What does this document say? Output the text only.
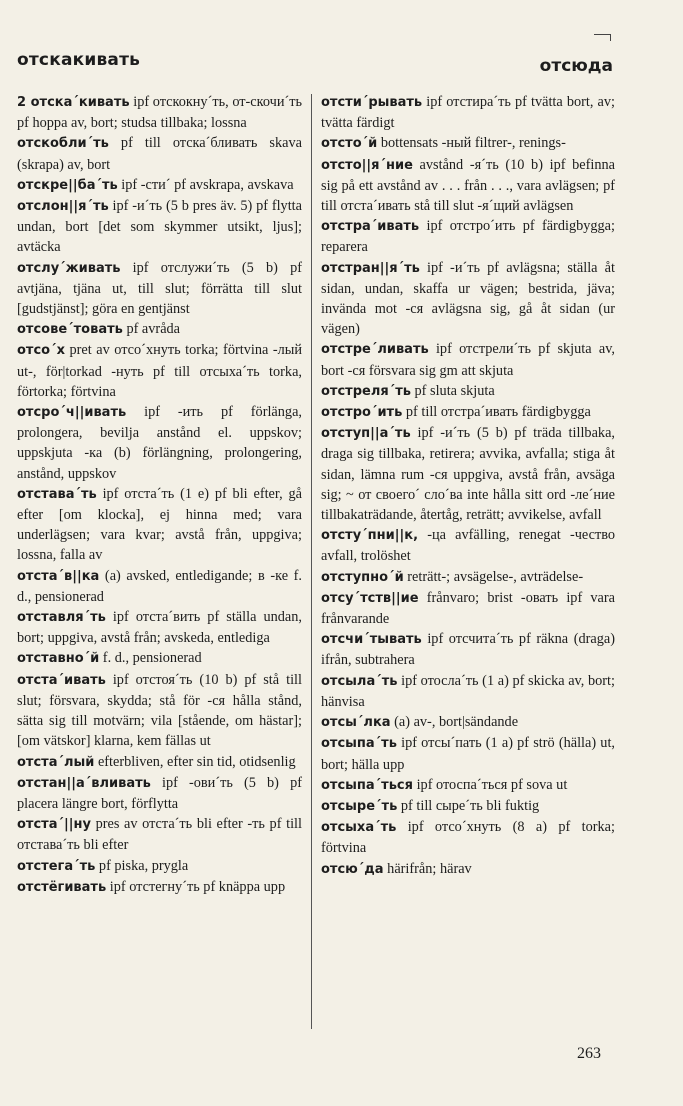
отскакивать	отсюда

2 отска´кивать ipf отскокну´ть, от-скочи´ть pf hoppa av, bort; studsa tillbaka; lossna

отскобли´ть pf till отска´бливать skava (skrapa) av, bort

отскре||ба´ть ipf -сти´ pf avskrapa, avskava

отслон||я´ть ipf -и´ть (5 b pres äv. 5) pf flytta undan, bort [det som skymmer utsikt, ljus]; avtäcka

отслу´живать ipf отслужи´ть (5 b) pf avtjäna, tjäna ut, till slut; förrätta till slut [gudstjänst]; göra en gentjänst

отсове´товать pf avråda

отсо´х pret av отсо´хнуть torka; förtvina -лый ut-, för|torkad -нуть pf till отсыха´ть torka, förtorka; förtvina

отсро´ч||ивать ipf -ить pf förlänga, prolongera, bevilja anstånd el. uppskov; uppskjuta -ка (b) förlängning, prolongering, anstånd, uppskov

отстава´ть ipf отста´ть (1 e) pf bli efter, gå efter [om klocka], ej hinna med; vara underlägsen; vara kvar; avstå från, uppgiva; lossna, falla av

отста´в||ка (a) avsked, entledigande; в -ке f. d., pensionerad

отставля´ть ipf отста´вить pf ställa undan, bort; uppgiva, avstå från; avskeda, entlediga

отставно´й f. d., pensionerad

отста´ивать ipf отстоя´ть (10 b) pf stå till slut; försvara, skydda; stå för -ся hålla stånd, sätta sig till motvärn; vila [stående, om hästar]; [om vätskor] klarna, kem fällas ut

отста´лый efterbliven, efter sin tid, otidsenlig

отстан||а´вливать ipf -ови´ть (5 b) pf placera längre bort, förflytta

отста´||ну pres av отста´ть bli efter -ть pf till отстава´ть bli efter

отстега´ть pf piska, prygla

отстёгивать ipf отстегну´ть pf knäppa upp

отсти´рывать ipf отстира´ть pf tvätta bort, av; tvätta färdigt

отсто´й bottensats -ный filtrer-, renings-

отсто||я´ние avstånd -я´ть (10 b) ipf befinna sig på ett avstånd av . . . från . . ., vara avlägsen; pf till отста´ивать stå till slut -я´щий avlägsen

отстра´ивать ipf отстро´ить pf färdigbygga; reparera

отстран||я´ть ipf -и´ть pf avlägsna; ställa åt sidan, undan, skaffa ur vägen; bestrida, jäva; invända mot -ся avlägsna sig, gå åt sidan (ur vägen)

отстре´ливать ipf отстрели´ть pf skjuta av, bort -ся försvara sig gm att skjuta

отстреля´ть pf sluta skjuta

отстро´ить pf till отстра´ивать färdigbygga

отступ||а´ть ipf -и´ть (5 b) pf träda tillbaka, draga sig tillbaka, retirera; avvika, avfalla; stiga åt sidan, lämna rum -ся uppgiva, avstå från, avsäga sig; ~ от своего´ сло´ва inte hålla sitt ord -ле´ние tillbakaträdande, återtåg, reträtt; avvikelse, avfall

отсту´пни||к, -ца avfälling, renegat -чество avfall, trolöshet

отступно´й reträtt-; avsägelse-, avträdelse-

отсу´тств||ие frånvaro; brist -овать ipf vara frånvarande

отсчи´тывать ipf отсчита´ть pf räkna (draga) ifrån, subtrahera

отсыла´ть ipf отосла´ть (1 a) pf skicka av, bort; hänvisa

отсы´лка (a) av-, bort|sändande

отсыпа´ть ipf отсы´пать (1 a) pf strö (hälla) ut, bort; hälla upp

отсыпа´ться ipf отоспа´ться pf sova ut

отсыре´ть pf till сыре´ть bli fuktig

отсыха´ть ipf отсо´хнуть (8 a) pf torka; förtvina

отсю´да härifrån; härav

263
